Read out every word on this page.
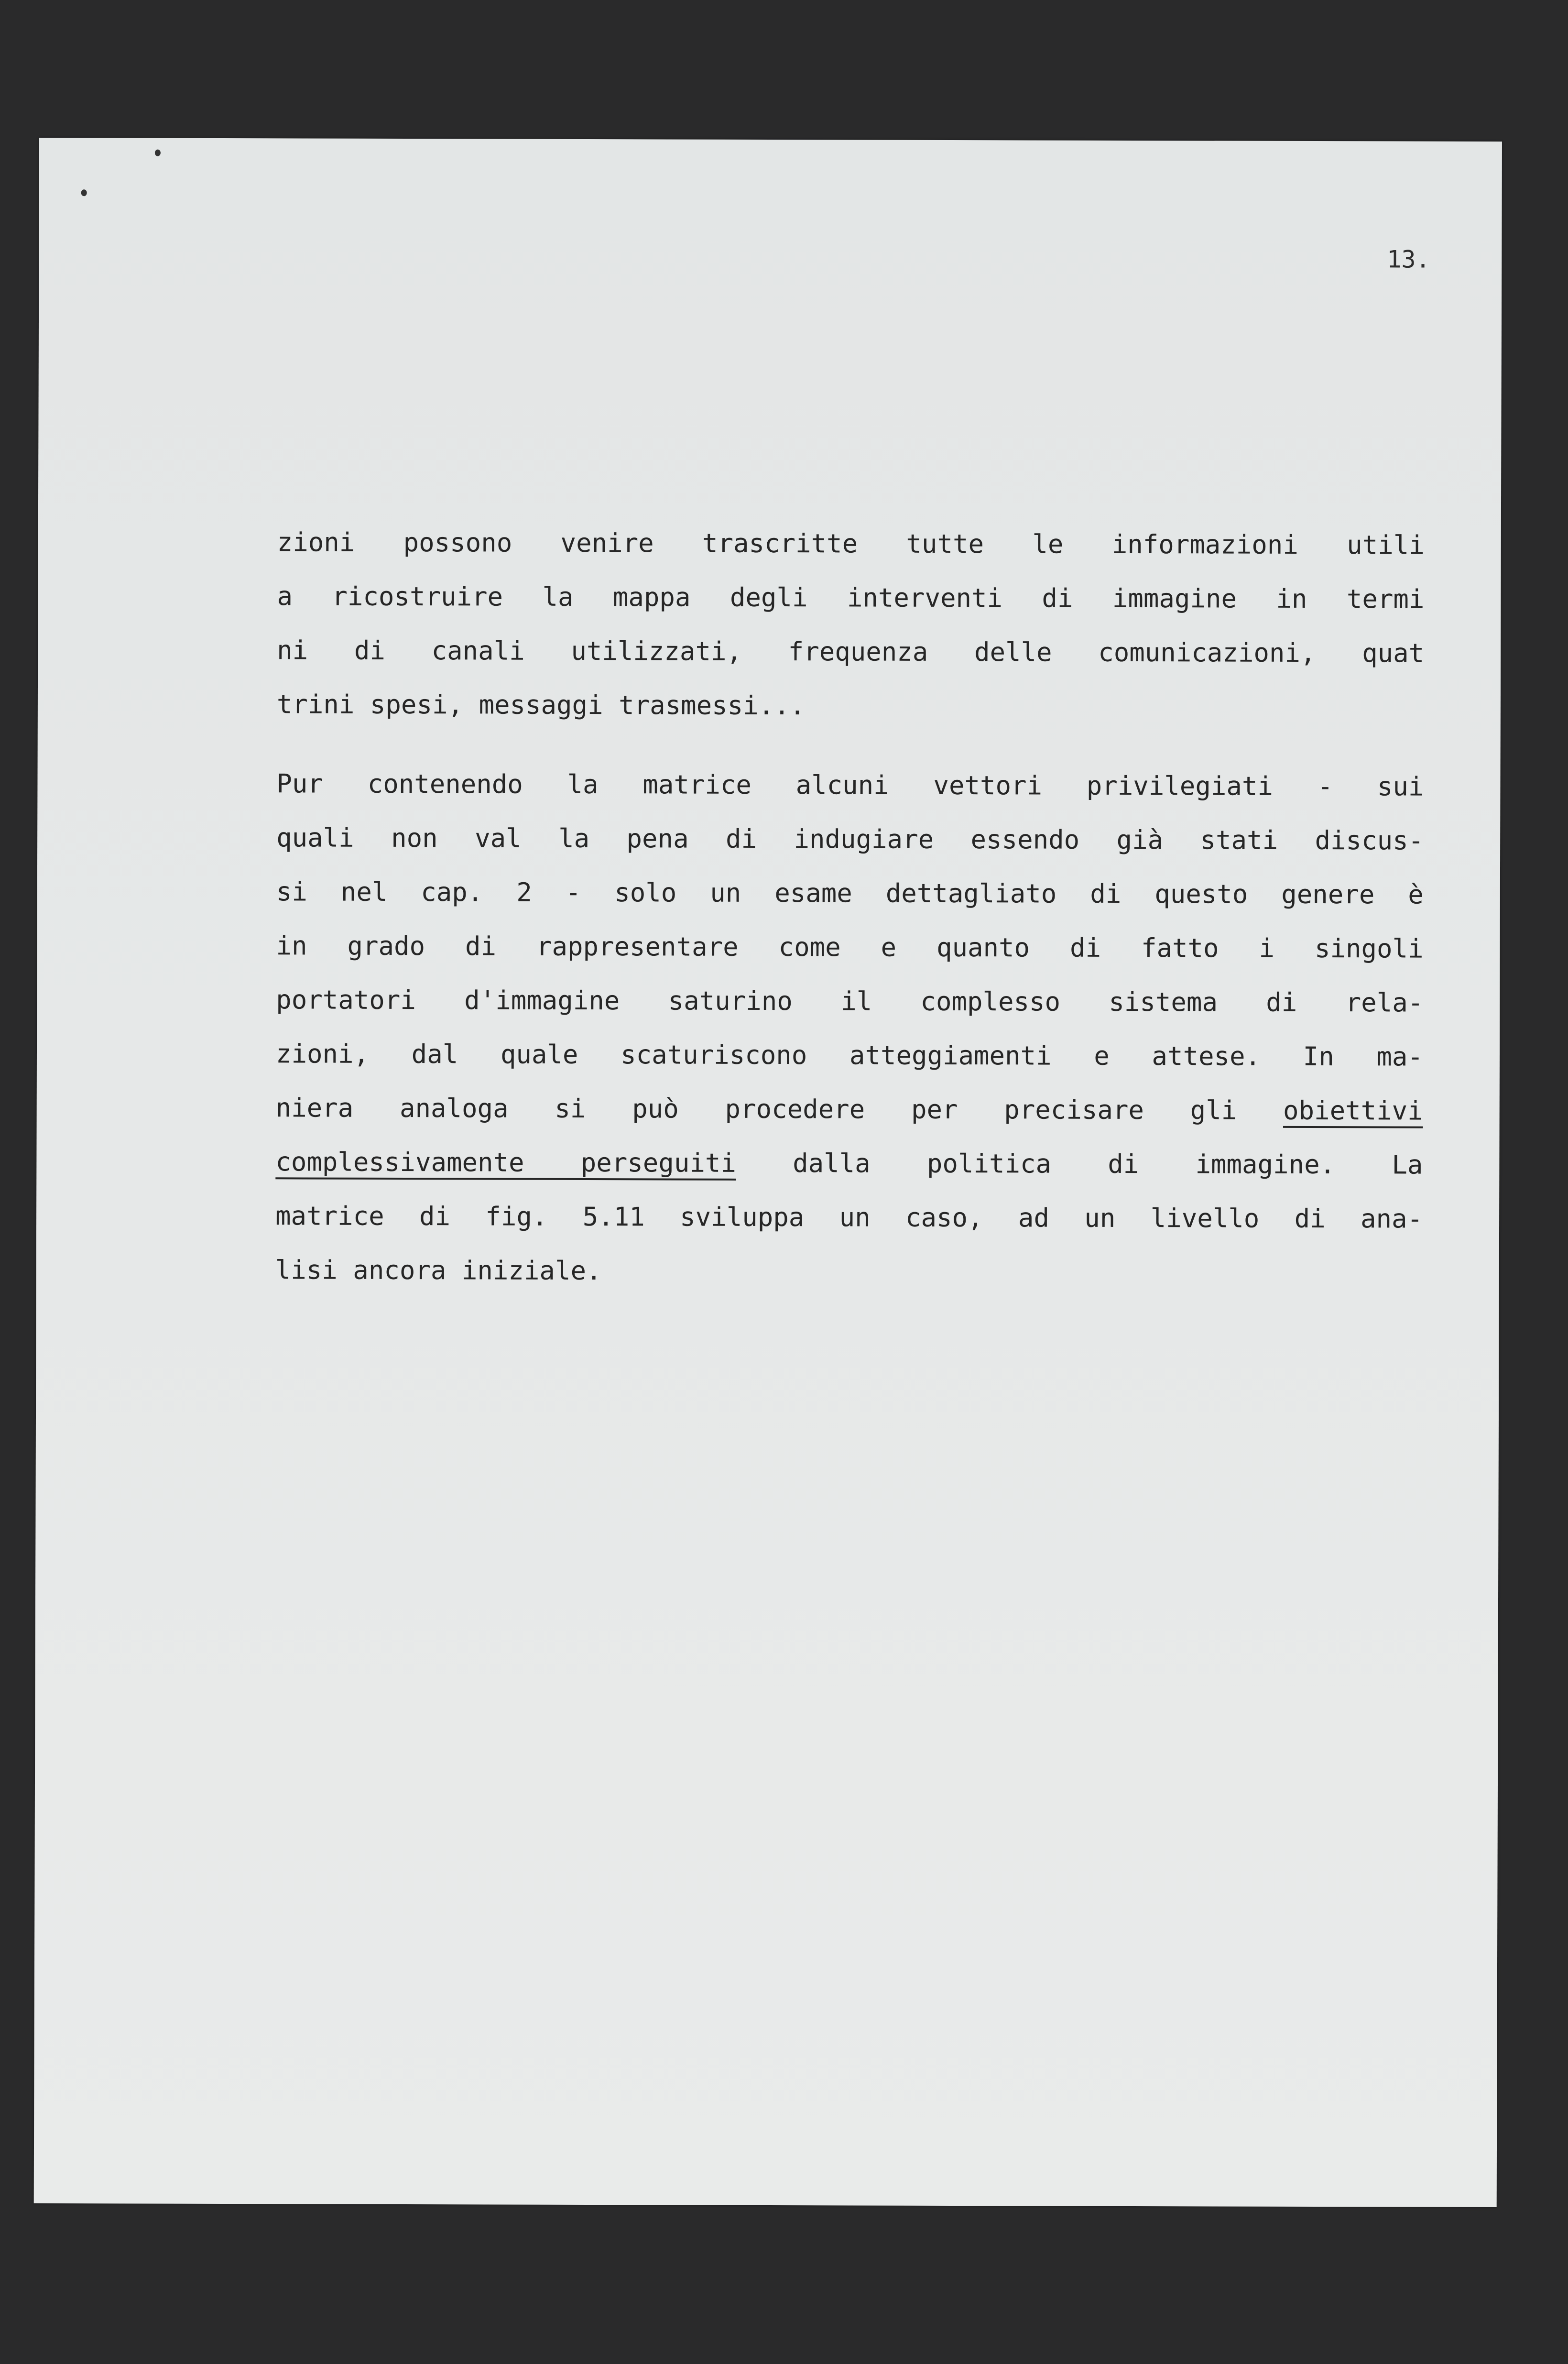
13.

zioni possono venire trascritte tutte le informazioni utili
a ricostruire la mappa degli interventi di immagine in termi
ni di canali utilizzati, frequenza delle comunicazioni, quat
trini spesi, messaggi trasmessi...
Pur contenendo la matrice alcuni vettori privilegiati - sui
quali non val la pena di indugiare essendo già stati discus-
si nel cap. 2 - solo un esame dettagliato di questo genere è
in grado di rappresentare come e quanto di fatto i singoli
portatori d'immagine saturino il complesso sistema di rela-
zioni, dal quale scaturiscono atteggiamenti e attese. In ma-
niera analoga si può procedere per precisare gli obiettivi
complessivamente perseguiti dalla politica di immagine. La
matrice di fig. 5.11 sviluppa un caso, ad un livello di ana-
lisi ancora iniziale.
